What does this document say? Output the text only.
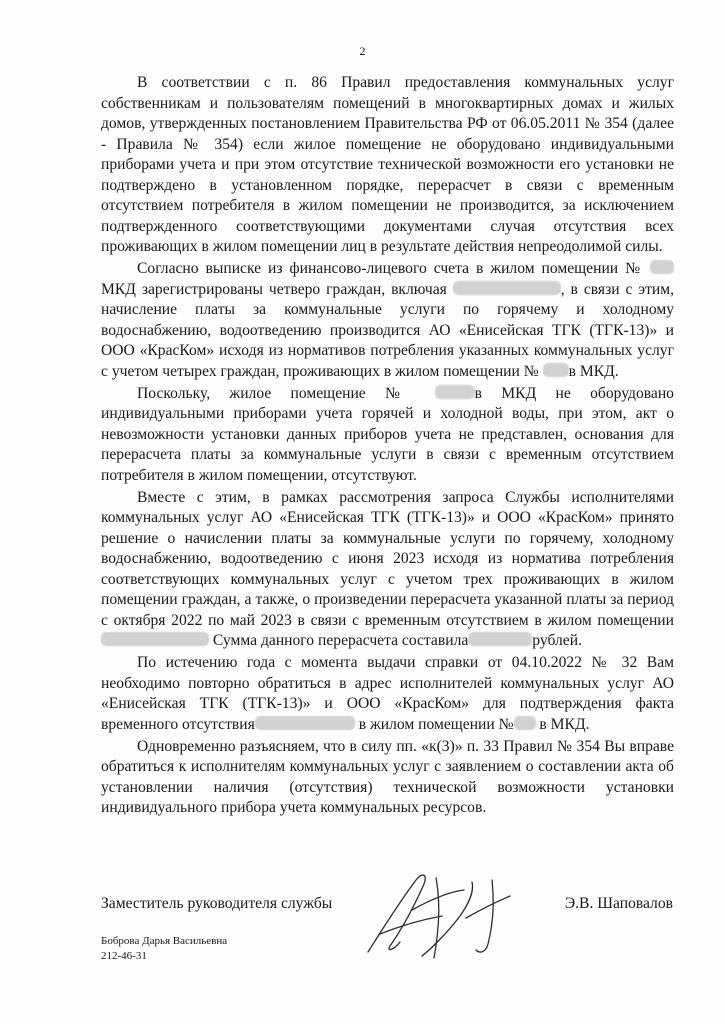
2

В соответствии с п. 86 Правил предоставления коммунальных услуг собственникам и пользователям помещений в многоквартирных домах и жилых домов, утвержденных постановлением Правительства РФ от 06.05.2011 № 354 (далее - Правила № 354) если жилое помещение не оборудовано индивидуальными приборами учета и при этом отсутствие технической возможности его установки не подтверждено в установленном порядке, перерасчет в связи с временным отсутствием потребителя в жилом помещении не производится, за исключением подтвержденного соответствующими документами случая отсутствия всех проживающих в жилом помещении лиц в результате действия непреодолимой силы.

Согласно выписке из финансово-лицевого счета в жилом помещении №  МКД зарегистрированы четверо граждан, включая	, в связи с этим, начисление платы за коммунальные услуги по горячему и холодному водоснабжению, водоотведению производится АО «Енисейская ТГК (ТГК-13)» и ООО «КрасКом» исходя из нормативов потребления указанных коммунальных услуг с учетом четырех граждан, проживающих в жилом помещении № в МКД.

Поскольку, жилое помещение №	в МКД не оборудовано индивидуальными приборами учета горячей и холодной воды, при этом, акт о невозможности установки данных приборов учета не представлен, основания для перерасчета платы за коммунальные услуги в связи с временным отсутствием потребителя в жилом помещении, отсутствуют.

Вместе с этим, в рамках рассмотрения запроса Службы исполнителями коммунальных услуг АО «Енисейская ТГК (ТГК-13)» и ООО «КрасКом» принято решение о начислении платы за коммунальные услуги по горячему, холодному водоснабжению, водоотведению с июня 2023 исходя из норматива потребления соответствующих коммунальных услуг с учетом трех проживающих в жилом помещении граждан, а также, о произведении перерасчета указанной платы за период с октября 2022 по май 2023 в связи с временным отсутствием в жилом помещении  Сумма данного перерасчета составила	рублей.

По истечению года с момента выдачи справки от 04.10.2022 № 32 Вам необходимо повторно обратиться в адрес исполнителей коммунальных услуг АО «Енисейская ТГК (ТГК-13)» и ООО «КрасКом» для подтверждения факта временного отсутствия	в жилом помещении № в МКД.

Одновременно разъясняем, что в силу пп. «к(3)» п. 33 Правил № 354 Вы вправе обратиться к исполнителям коммунальных услуг с заявлением о составлении акта об установлении наличия (отсутствия) технической возможности установки индивидуального прибора учета коммунальных ресурсов.

Заместитель руководителя службы	Э.В. Шаповалов
Боброва Дарья Васильевна
212-46-31
